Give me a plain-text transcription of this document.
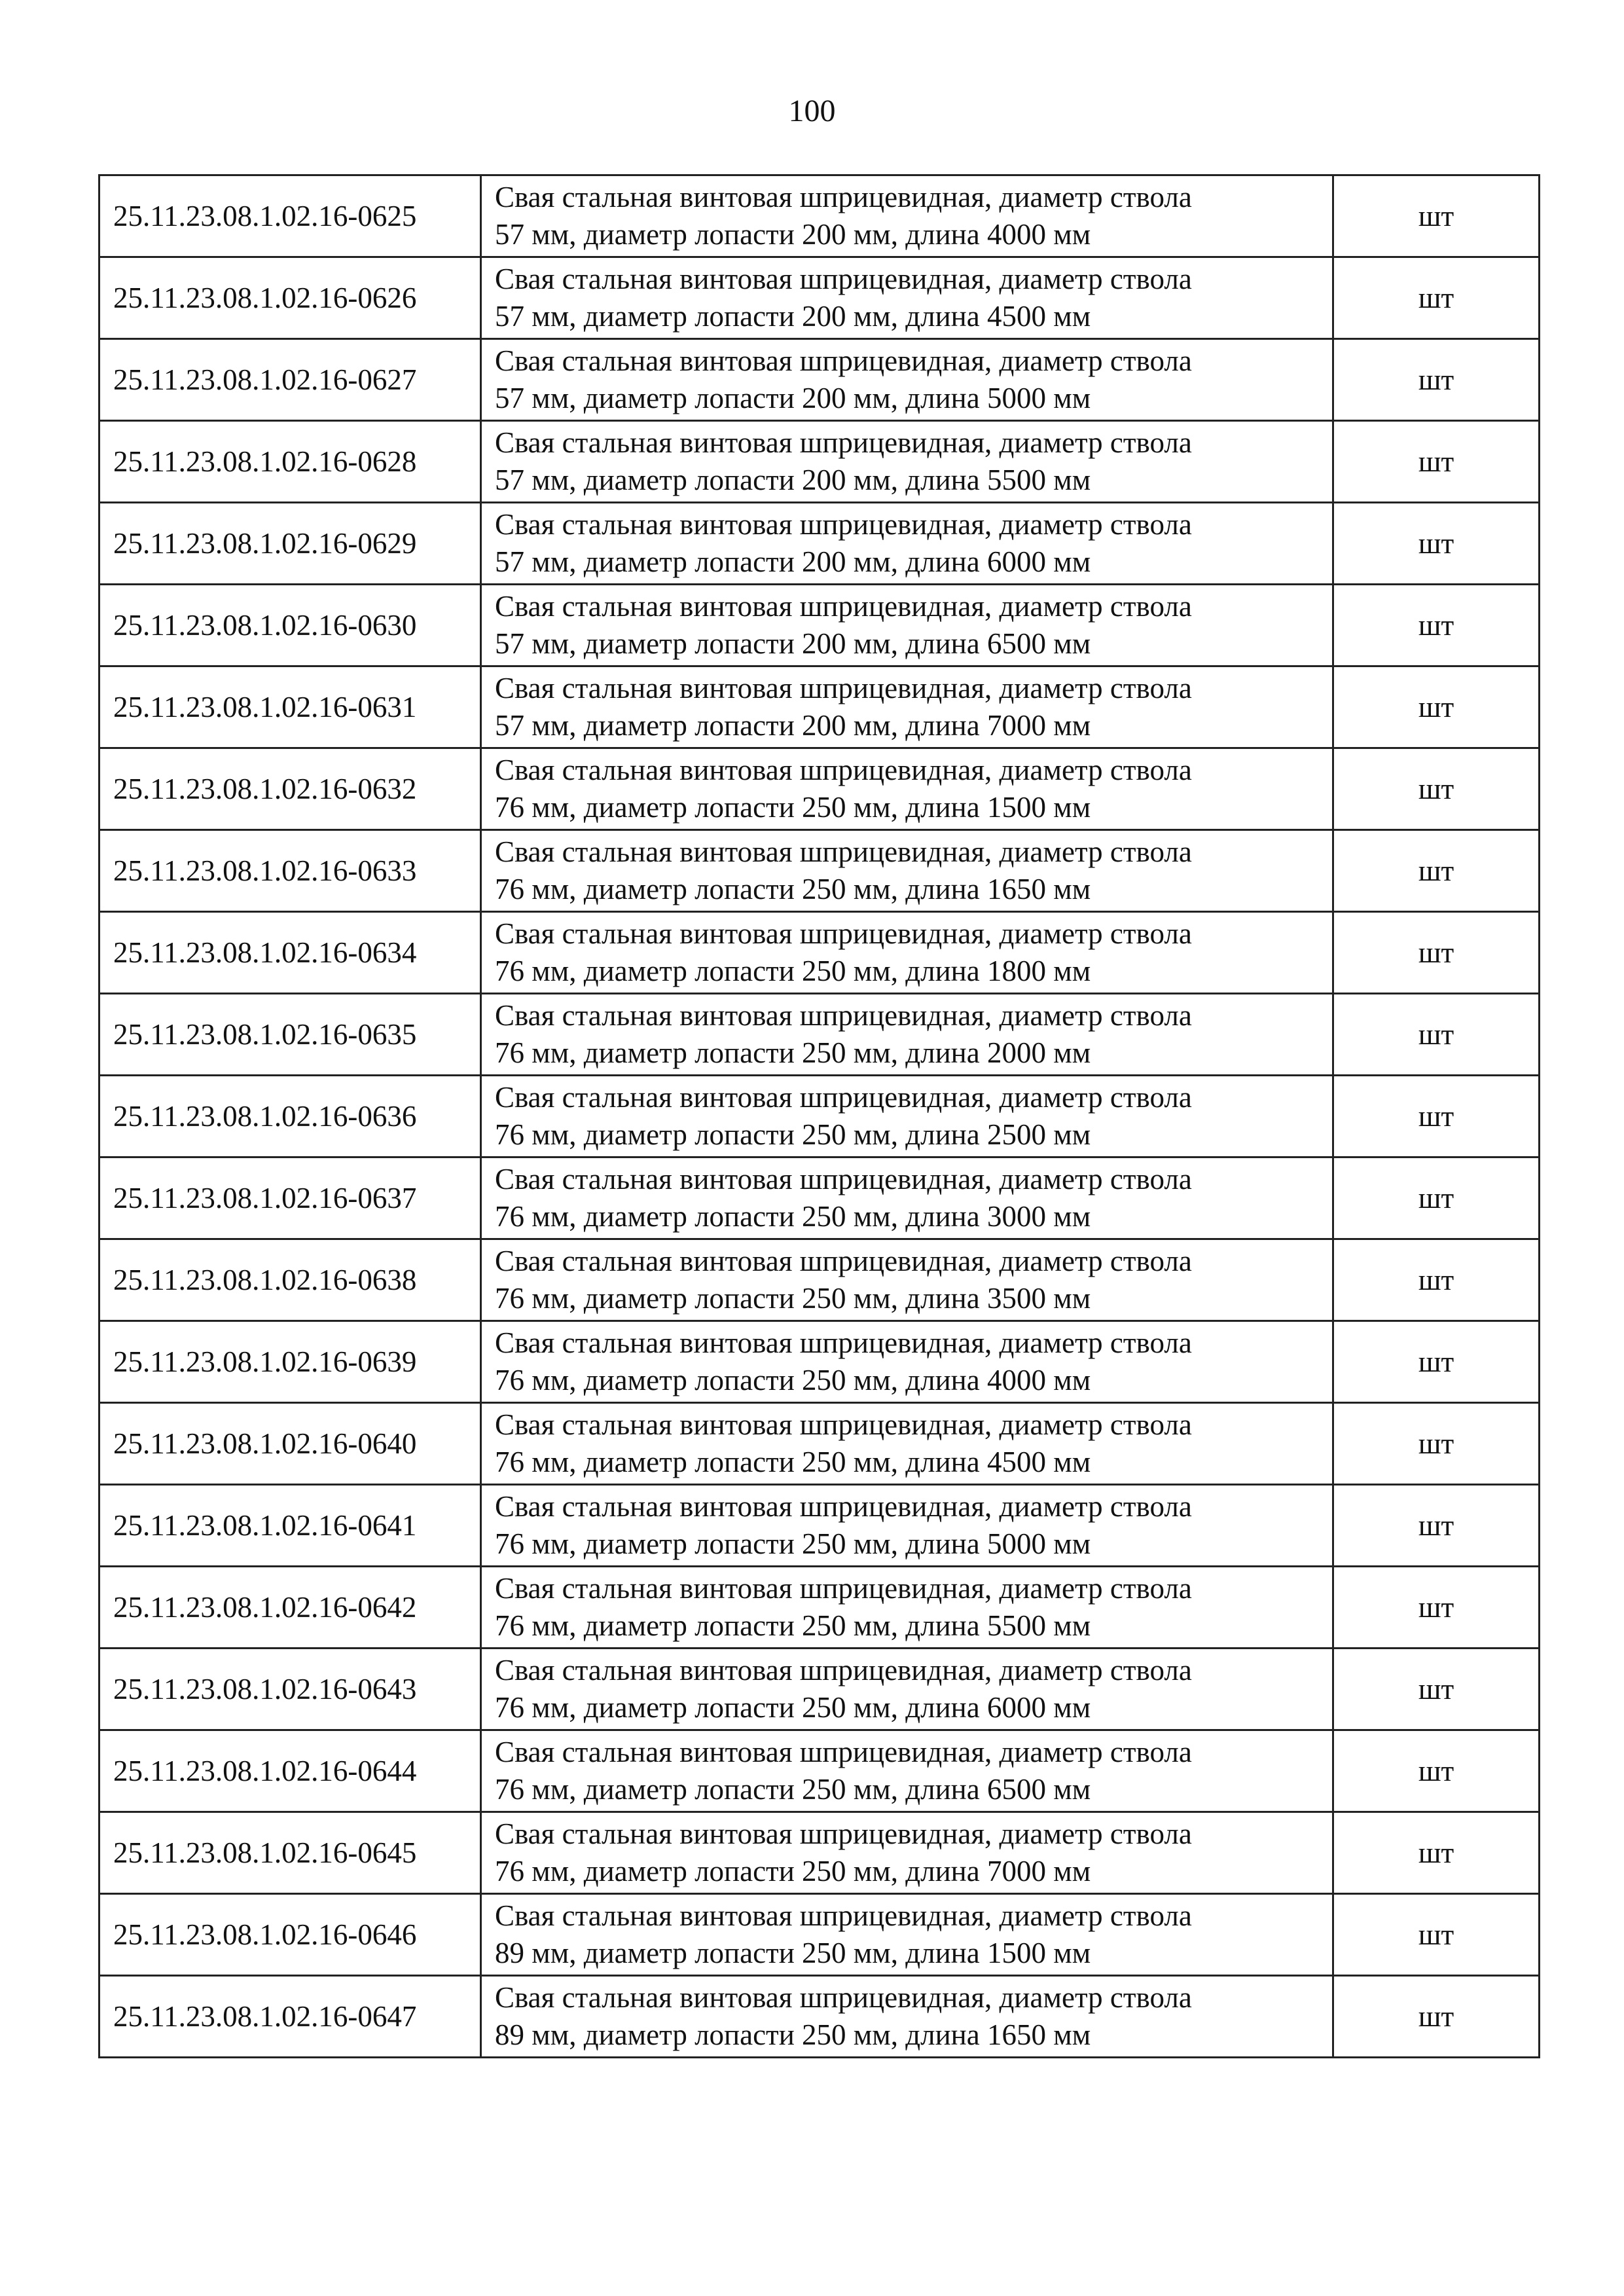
100
25.11.23.08.1.02.16-0625	Свая стальная винтовая шприцевидная, диаметр ствола
57 мм, диаметр лопасти 200 мм, длина 4000 мм	шт
25.11.23.08.1.02.16-0626	Свая стальная винтовая шприцевидная, диаметр ствола
57 мм, диаметр лопасти 200 мм, длина 4500 мм	шт
25.11.23.08.1.02.16-0627	Свая стальная винтовая шприцевидная, диаметр ствола
57 мм, диаметр лопасти 200 мм, длина 5000 мм	шт
25.11.23.08.1.02.16-0628	Свая стальная винтовая шприцевидная, диаметр ствола
57 мм, диаметр лопасти 200 мм, длина 5500 мм	шт
25.11.23.08.1.02.16-0629	Свая стальная винтовая шприцевидная, диаметр ствола
57 мм, диаметр лопасти 200 мм, длина 6000 мм	шт
25.11.23.08.1.02.16-0630	Свая стальная винтовая шприцевидная, диаметр ствола
57 мм, диаметр лопасти 200 мм, длина 6500 мм	шт
25.11.23.08.1.02.16-0631	Свая стальная винтовая шприцевидная, диаметр ствола
57 мм, диаметр лопасти 200 мм, длина 7000 мм	шт
25.11.23.08.1.02.16-0632	Свая стальная винтовая шприцевидная, диаметр ствола
76 мм, диаметр лопасти 250 мм, длина 1500 мм	шт
25.11.23.08.1.02.16-0633	Свая стальная винтовая шприцевидная, диаметр ствола
76 мм, диаметр лопасти 250 мм, длина 1650 мм	шт
25.11.23.08.1.02.16-0634	Свая стальная винтовая шприцевидная, диаметр ствола
76 мм, диаметр лопасти 250 мм, длина 1800 мм	шт
25.11.23.08.1.02.16-0635	Свая стальная винтовая шприцевидная, диаметр ствола
76 мм, диаметр лопасти 250 мм, длина 2000 мм	шт
25.11.23.08.1.02.16-0636	Свая стальная винтовая шприцевидная, диаметр ствола
76 мм, диаметр лопасти 250 мм, длина 2500 мм	шт
25.11.23.08.1.02.16-0637	Свая стальная винтовая шприцевидная, диаметр ствола
76 мм, диаметр лопасти 250 мм, длина 3000 мм	шт
25.11.23.08.1.02.16-0638	Свая стальная винтовая шприцевидная, диаметр ствола
76 мм, диаметр лопасти 250 мм, длина 3500 мм	шт
25.11.23.08.1.02.16-0639	Свая стальная винтовая шприцевидная, диаметр ствола
76 мм, диаметр лопасти 250 мм, длина 4000 мм	шт
25.11.23.08.1.02.16-0640	Свая стальная винтовая шприцевидная, диаметр ствола
76 мм, диаметр лопасти 250 мм, длина 4500 мм	шт
25.11.23.08.1.02.16-0641	Свая стальная винтовая шприцевидная, диаметр ствола
76 мм, диаметр лопасти 250 мм, длина 5000 мм	шт
25.11.23.08.1.02.16-0642	Свая стальная винтовая шприцевидная, диаметр ствола
76 мм, диаметр лопасти 250 мм, длина 5500 мм	шт
25.11.23.08.1.02.16-0643	Свая стальная винтовая шприцевидная, диаметр ствола
76 мм, диаметр лопасти 250 мм, длина 6000 мм	шт
25.11.23.08.1.02.16-0644	Свая стальная винтовая шприцевидная, диаметр ствола
76 мм, диаметр лопасти 250 мм, длина 6500 мм	шт
25.11.23.08.1.02.16-0645	Свая стальная винтовая шприцевидная, диаметр ствола
76 мм, диаметр лопасти 250 мм, длина 7000 мм	шт
25.11.23.08.1.02.16-0646	Свая стальная винтовая шприцевидная, диаметр ствола
89 мм, диаметр лопасти 250 мм, длина 1500 мм	шт
25.11.23.08.1.02.16-0647	Свая стальная винтовая шприцевидная, диаметр ствола
89 мм, диаметр лопасти 250 мм, длина 1650 мм	шт
